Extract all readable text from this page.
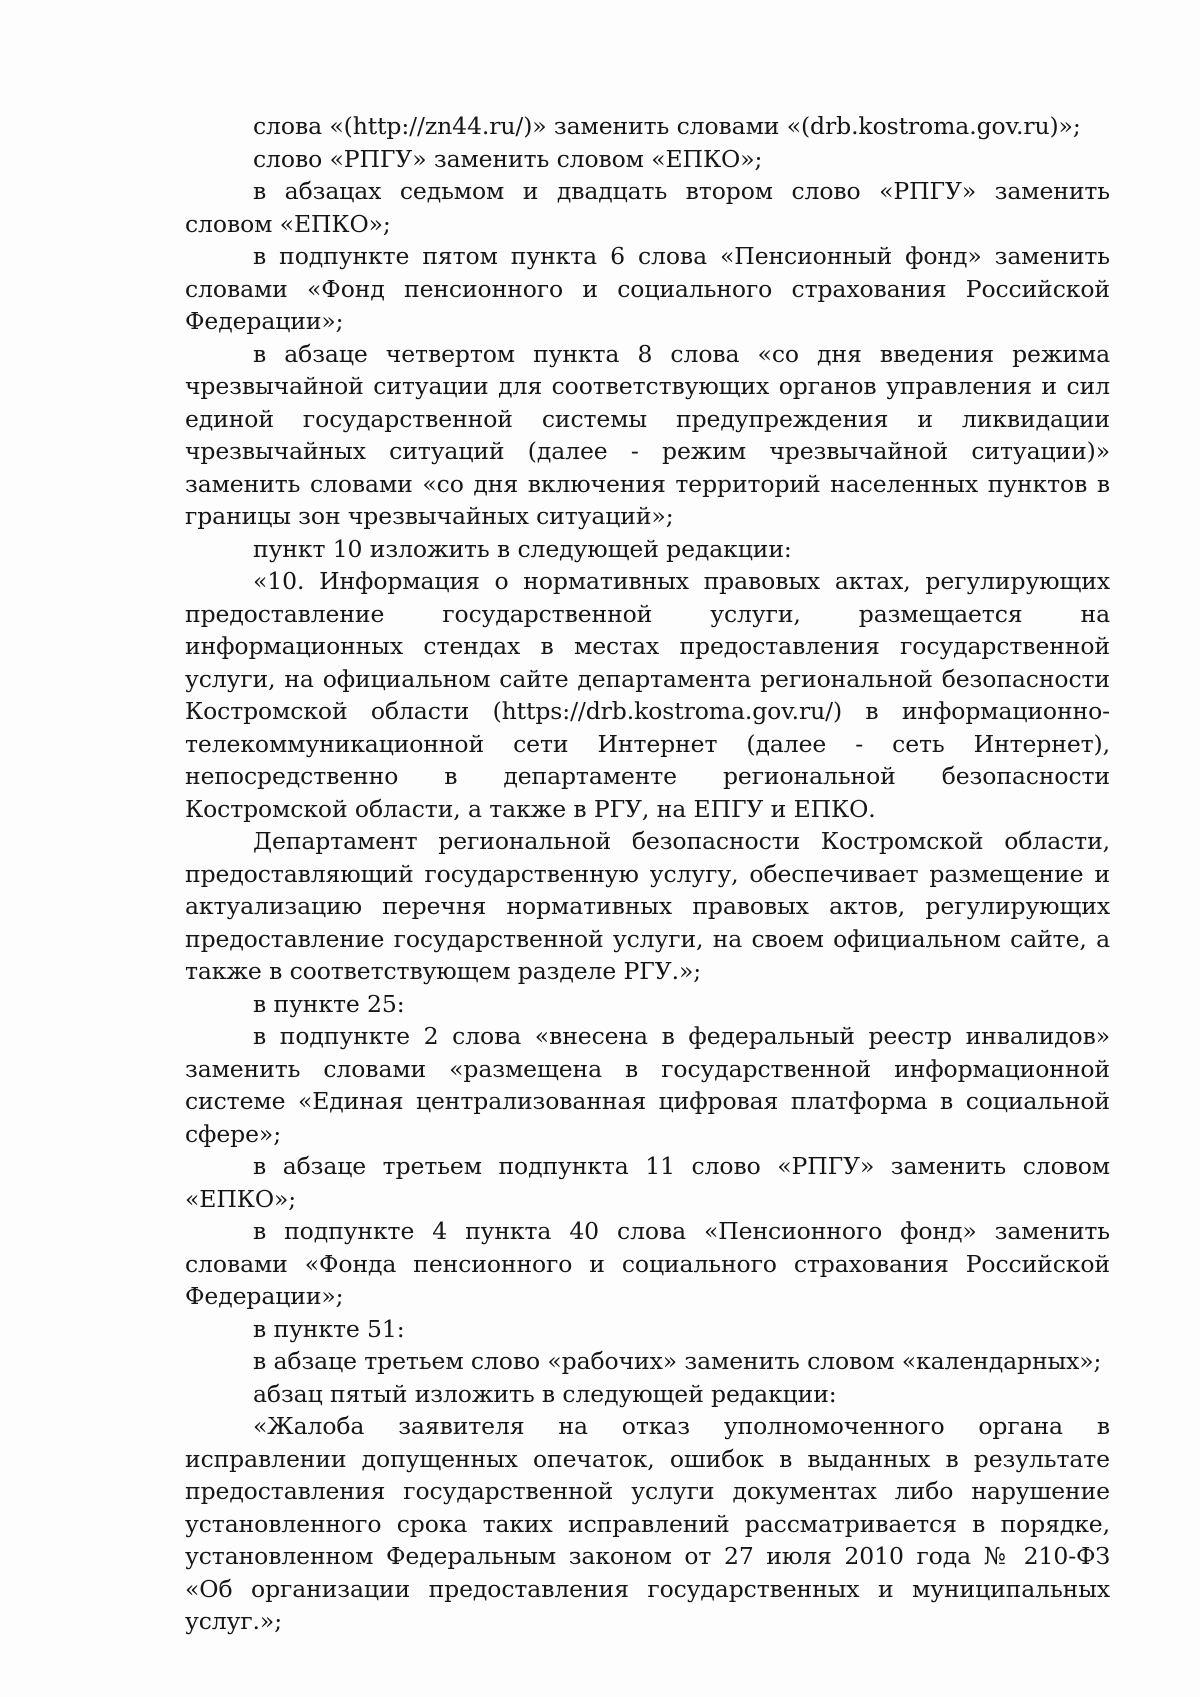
слова «(http://zn44.ru/)» заменить словами «(drb.kostroma.gov.ru)»;

слово «РПГУ» заменить словом «ЕПКО»;

в абзацах седьмом и двадцать втором слово «РПГУ» заменить словом «ЕПКО»;

в подпункте пятом пункта 6 слова «Пенсионный фонд» заменить словами «Фонд пенсионного и социального страхования Российской Федерации»;

в абзаце четвертом пункта 8 слова «со дня введения режима чрезвычайной ситуации для соответствующих органов управления и сил единой государственной системы предупреждения и ликвидации чрезвычайных ситуаций (далее - режим чрезвычайной ситуации)» заменить словами «со дня включения территорий населенных пунктов в границы зон чрезвычайных ситуаций»;

пункт 10 изложить в следующей редакции:

«10. Информация о нормативных правовых актах, регулирующих предоставление государственной услуги, размещается на информационных стендах в местах предоставления государственной услуги, на официальном сайте департамента региональной безопасности Костромской области (https://drb.kostroma.gov.ru/) в информационно-телекоммуникационной сети Интернет (далее - сеть Интернет), непосредственно в департаменте региональной безопасности Костромской области, а также в РГУ, на ЕПГУ и ЕПКО.

Департамент региональной безопасности Костромской области, предоставляющий государственную услугу, обеспечивает размещение и актуализацию перечня нормативных правовых актов, регулирующих предоставление государственной услуги, на своем официальном сайте, а также в соответствующем разделе РГУ.»;

в пункте 25:

в подпункте 2 слова «внесена в федеральный реестр инвалидов» заменить словами «размещена в государственной информационной системе «Единая централизованная цифровая платформа в социальной сфере»;

в абзаце третьем подпункта 11 слово «РПГУ» заменить словом «ЕПКО»;

в подпункте 4 пункта 40 слова «Пенсионного фонд» заменить словами «Фонда пенсионного и социального страхования Российской Федерации»;

в пункте 51:

в абзаце третьем слово «рабочих» заменить словом «календарных»;

абзац пятый изложить в следующей редакции:

«Жалоба заявителя на отказ уполномоченного органа в исправлении допущенных опечаток, ошибок в выданных в результате предоставления государственной услуги документах либо нарушение установленного срока таких исправлений рассматривается в порядке, установленном Федеральным законом от 27 июля 2010 года № 210-ФЗ «Об организации предоставления государственных и муниципальных услуг.»;
